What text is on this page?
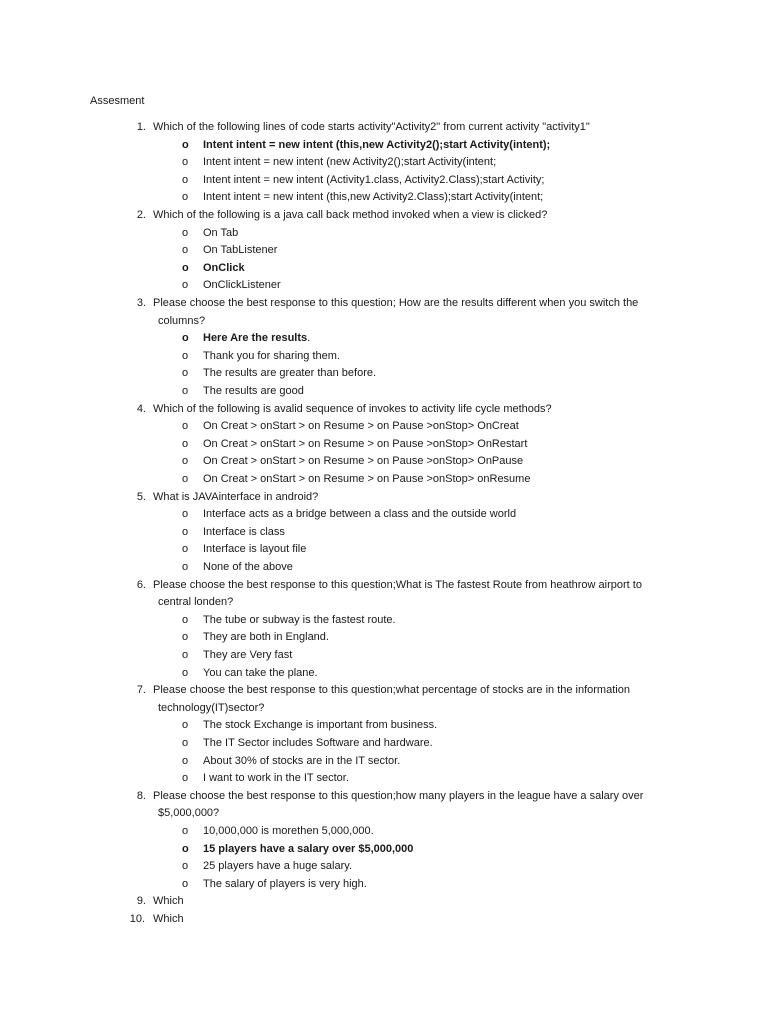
Assesment
1. Which of the following lines of code starts activity"Activity2" from current activity "activity1"
o Intent intent = new intent (this,new Activity2();start Activity(intent);
o Intent intent = new intent (new Activity2();start Activity(intent;
o Intent intent = new intent (Activity1.class, Activity2.Class);start Activity;
o Intent intent = new intent (this,new Activity2.Class);start Activity(intent;
2. Which of the following is a java call back method invoked when a view is clicked?
o On Tab
o On TabListener
o OnClick
o OnClickListener
3. Please choose the best response to this question; How are the results different when you switch the
columns?
o Here Are the results.
o Thank you for sharing them.
o The results are greater than before.
o The results are good
4. Which of the following is avalid sequence of invokes to activity life cycle methods?
o On Creat > onStart > on Resume > on Pause >onStop> OnCreat
o On Creat > onStart > on Resume > on Pause >onStop> OnRestart
o On Creat > onStart > on Resume > on Pause >onStop> OnPause
o On Creat > onStart > on Resume > on Pause >onStop> onResume
5. What is JAVAinterface in android?
o Interface acts as a bridge between a class and the outside world
o Interface is class
o Interface is layout file
o None of the above
6. Please choose the best response to this question;What is The fastest Route from heathrow airport to
central londen?
o The tube or subway is the fastest route.
o They are both in England.
o They are Very fast
o You can take the plane.
7. Please choose the best response to this question;what percentage of stocks are in the information
technology(IT)sector?
o The stock Exchange is important from business.
o The IT Sector includes Software and hardware.
o About 30% of stocks are in the IT sector.
o I want to work in the IT sector.
8. Please choose the best response to this question;how many players in the league have a salary over
$5,000,000?
o 10,000,000 is morethen 5,000,000.
o 15 players have a salary over $5,000,000
o 25 players have a huge salary.
o The salary of players is very high.
9. Which
10. Which
